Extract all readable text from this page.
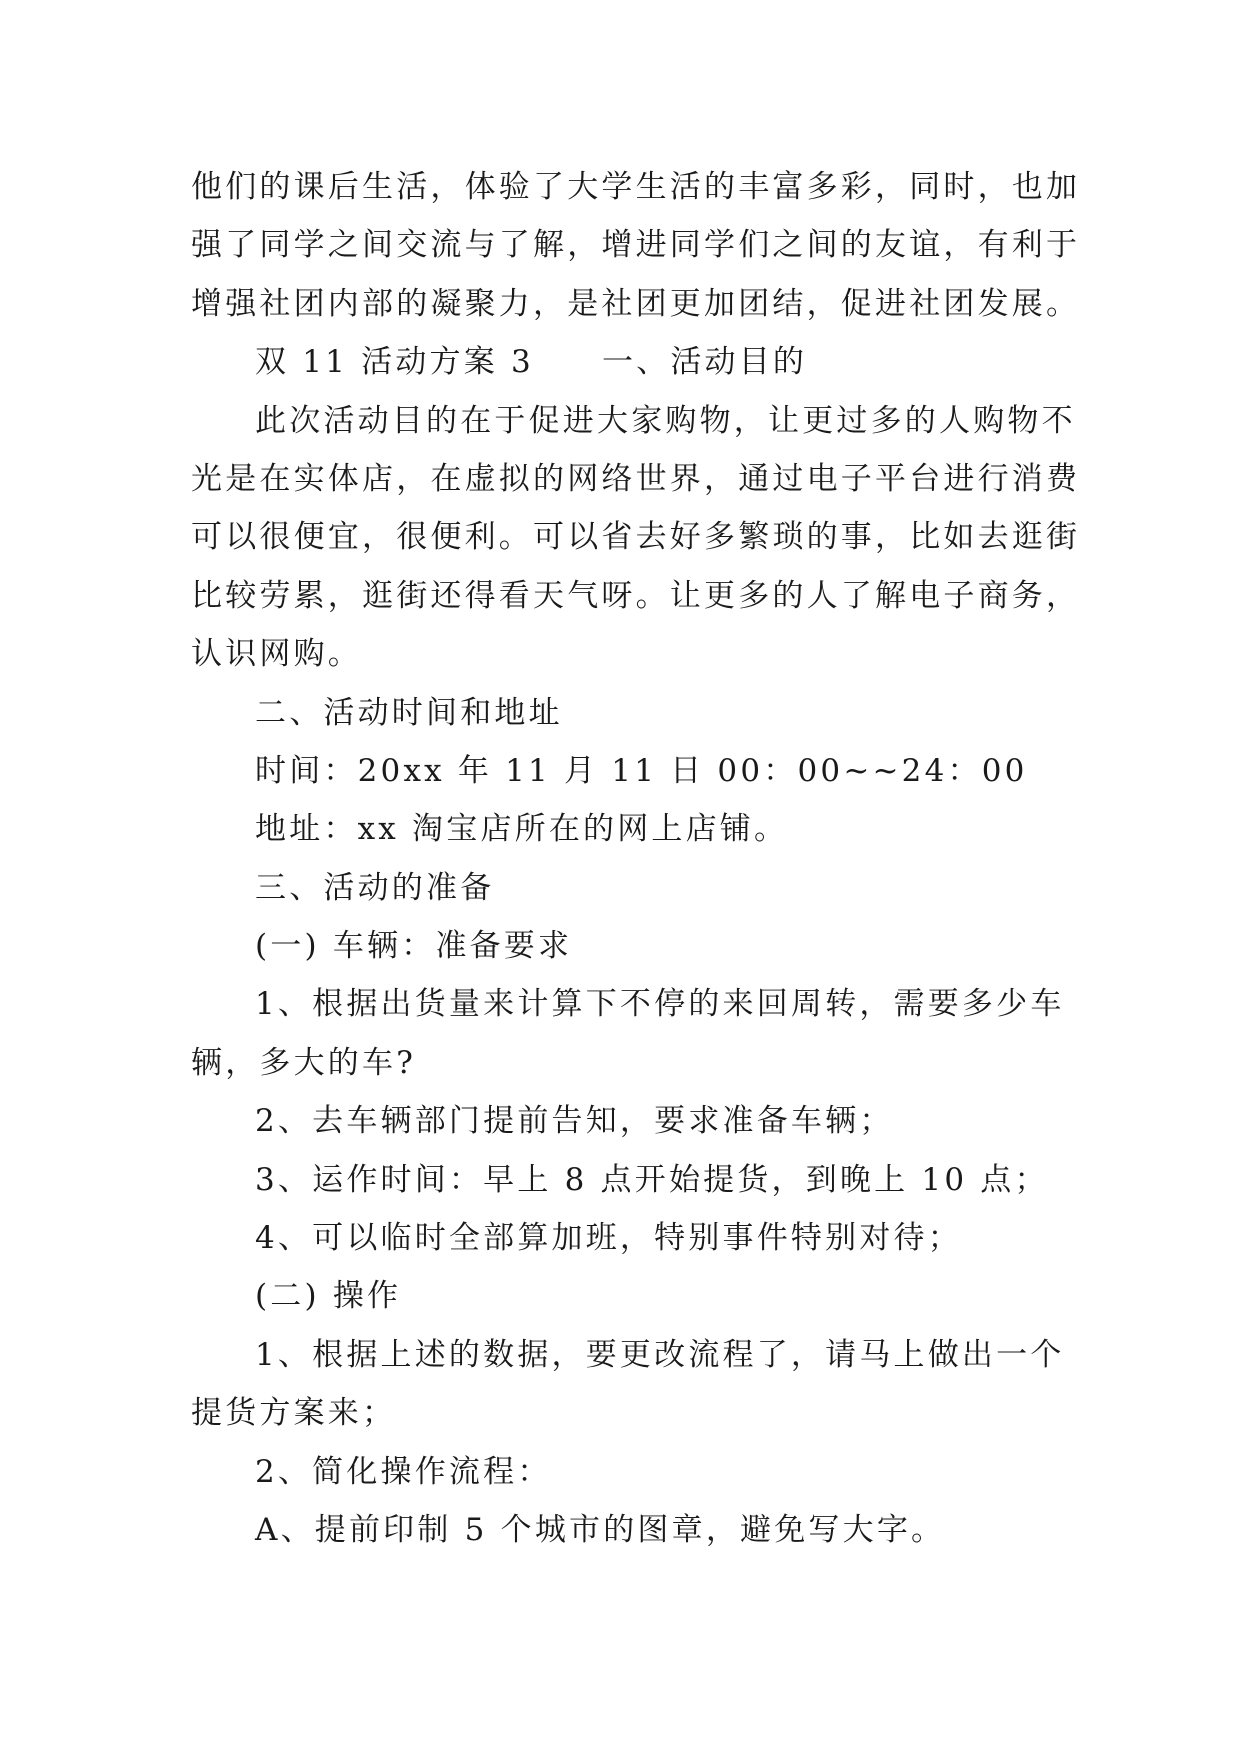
他们的课后生活，体验了大学生活的丰富多彩，同时，也加
强了同学之间交流与了解，增进同学们之间的友谊，有利于
增强社团内部的凝聚力，是社团更加团结，促进社团发展。
双 11 活动方案 3 一、活动目的
此次活动目的在于促进大家购物，让更过多的人购物不
光是在实体店，在虚拟的网络世界，通过电子平台进行消费
可以很便宜，很便利。可以省去好多繁琐的事，比如去逛街
比较劳累，逛街还得看天气呀。让更多的人了解电子商务，
认识网购。
二、活动时间和地址
时间：20xx 年 11 月 11 日 00：00~~24：00
地址：xx 淘宝店所在的网上店铺。
三、活动的准备
(一) 车辆：准备要求
1、根据出货量来计算下不停的来回周转，需要多少车
辆，多大的车?
2、去车辆部门提前告知，要求准备车辆；
3、运作时间：早上 8 点开始提货，到晚上 10 点；
4、可以临时全部算加班，特别事件特别对待；
(二) 操作
1、根据上述的数据，要更改流程了，请马上做出一个
提货方案来；
2、简化操作流程：
A、提前印制 5 个城市的图章，避免写大字。
